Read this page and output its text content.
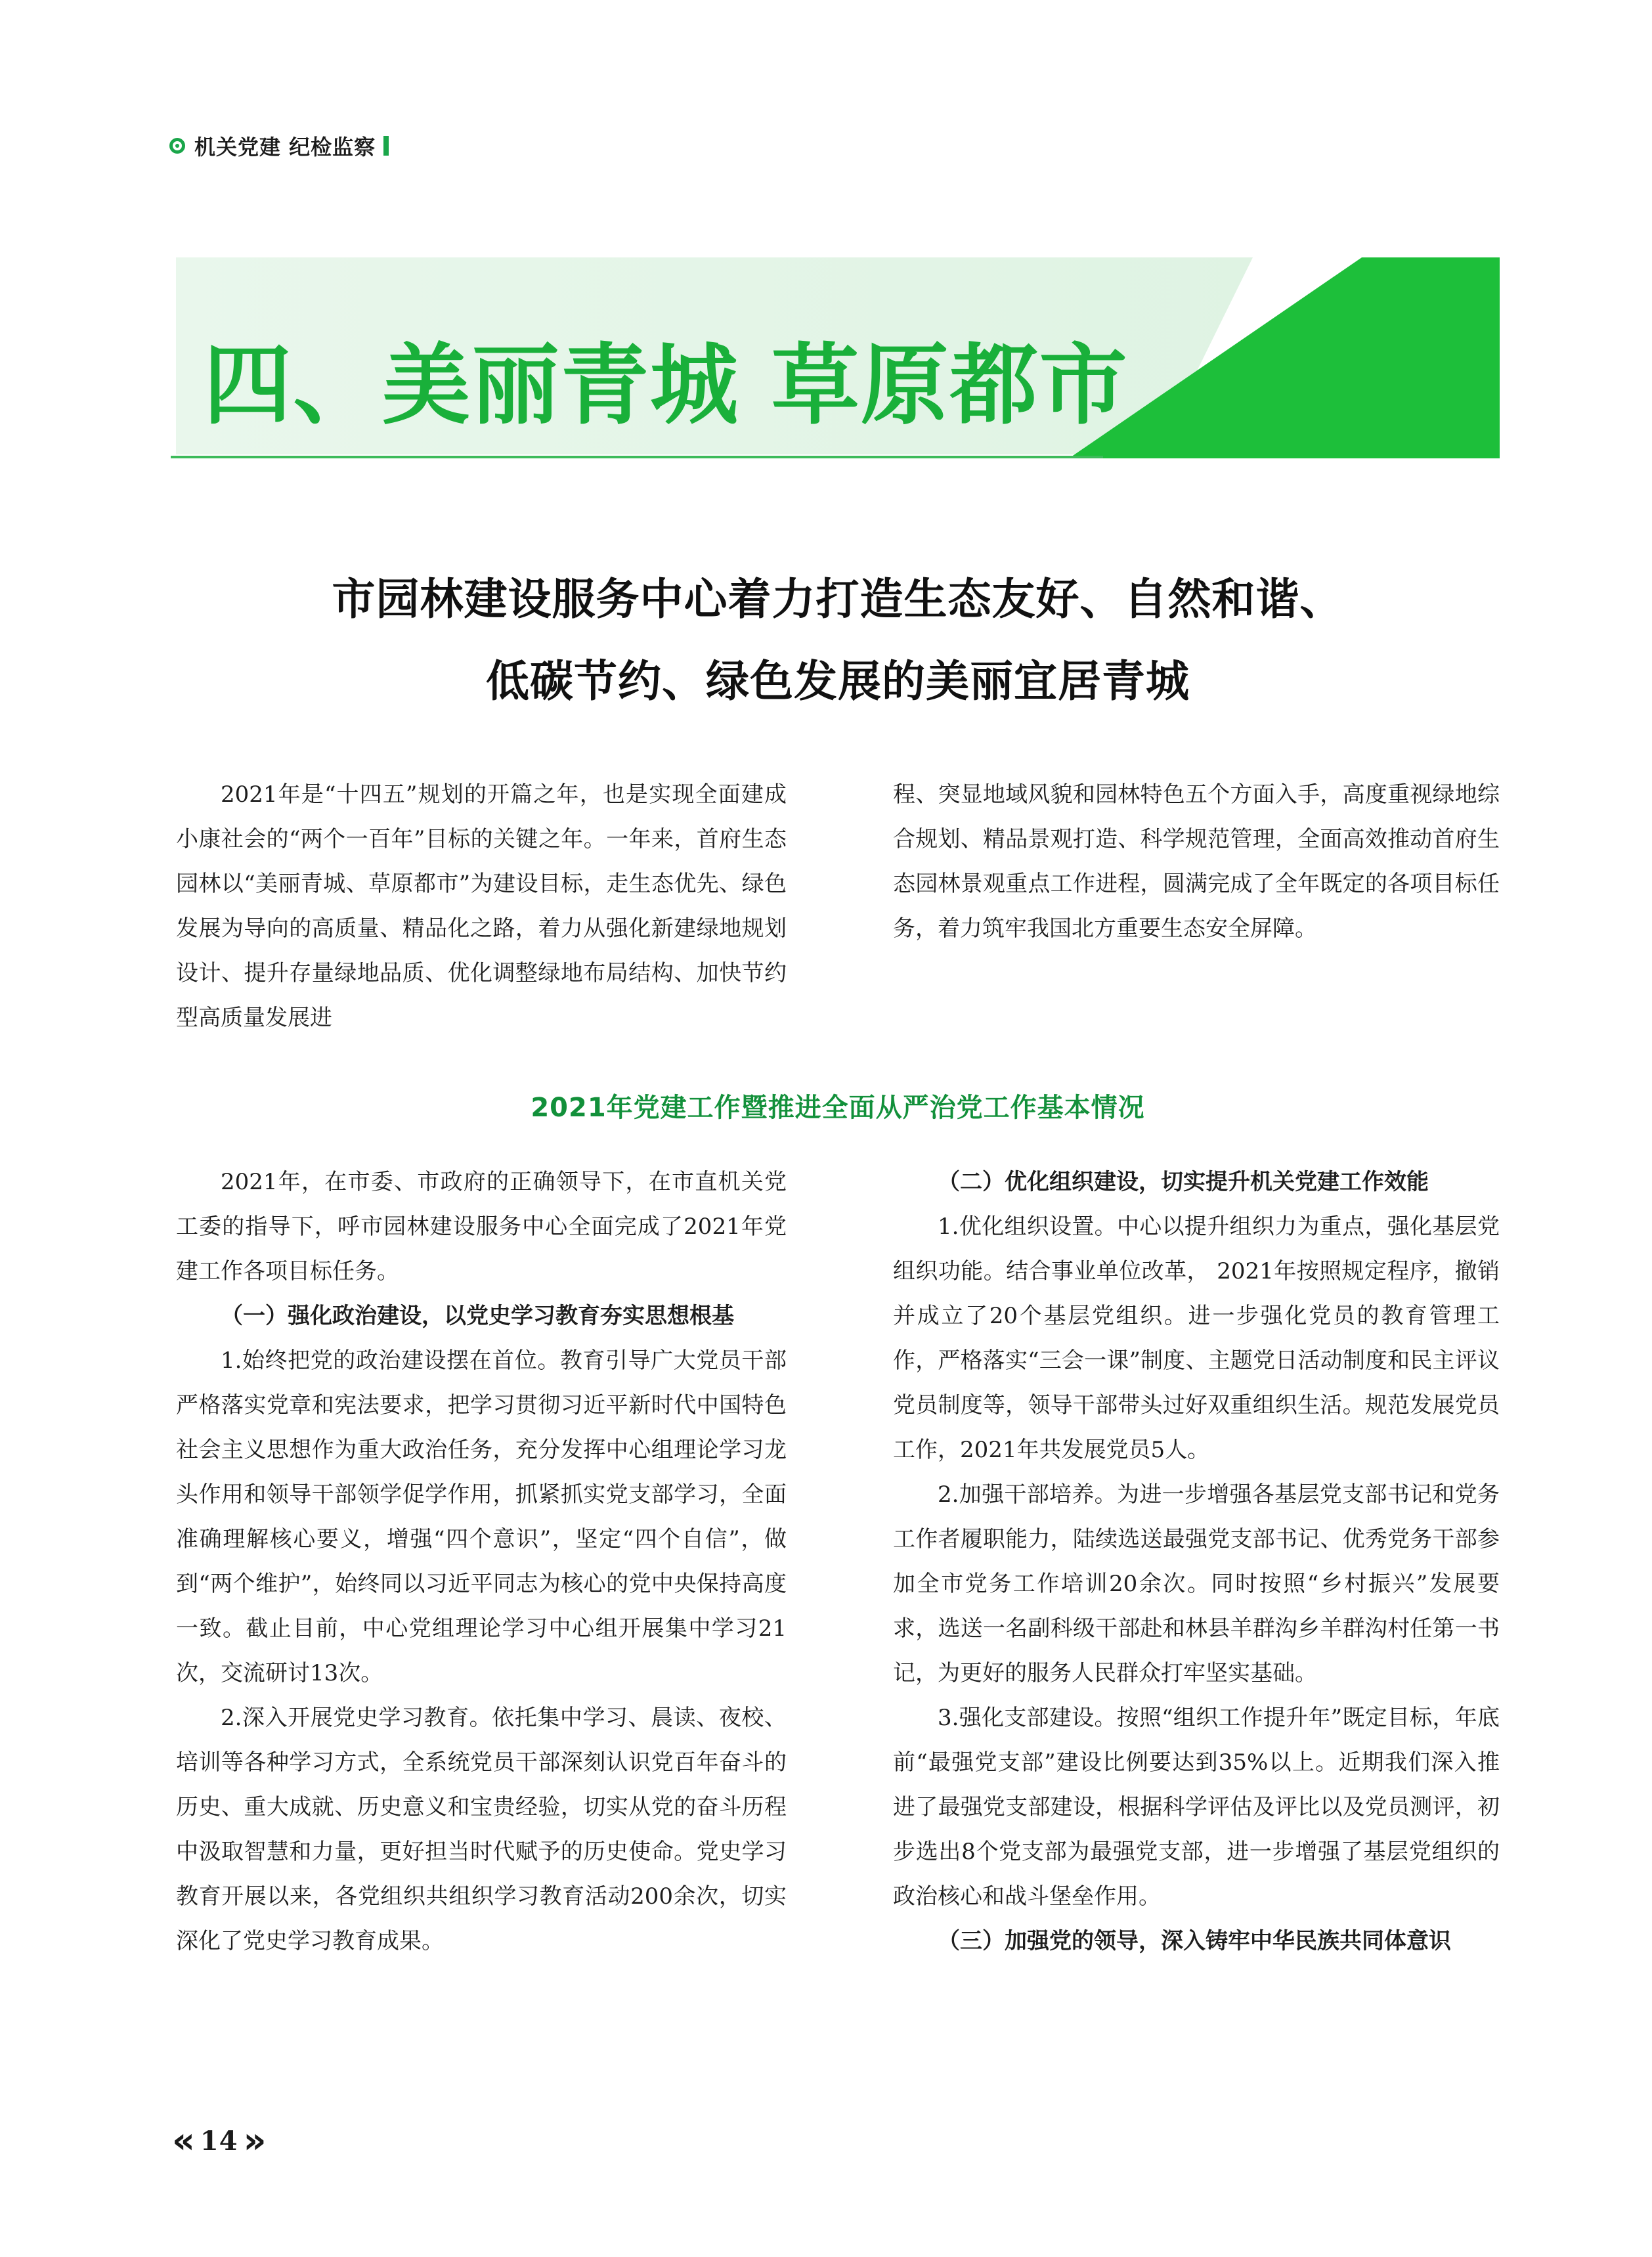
机关党建 纪检监察
四、美丽青城 草原都市
市园林建设服务中心着力打造生态友好、自然和谐、
低碳节约、绿色发展的美丽宜居青城
2021年是“十四五”规划的开篇之年，也是实现全面建成小康社会的“两个一百年”目标的关键之年。一年来，首府生态园林以“美丽青城、草原都市”为建设目标，走生态优先、绿色发展为导向的高质量、精品化之路，着力从强化新建绿地规划设计、提升存量绿地品质、优化调整绿地布局结构、加快节约型高质量发展进
程、突显地域风貌和园林特色五个方面入手，高度重视绿地综合规划、精品景观打造、科学规范管理，全面高效推动首府生态园林景观重点工作进程，圆满完成了全年既定的各项目标任务，着力筑牢我国北方重要生态安全屏障。
2021年党建工作暨推进全面从严治党工作基本情况
2021年，在市委、市政府的正确领导下，在市直机关党工委的指导下，呼市园林建设服务中心全面完成了2021年党建工作各项目标任务。
（一）强化政治建设，以党史学习教育夯实思想根基
1.始终把党的政治建设摆在首位。教育引导广大党员干部严格落实党章和宪法要求，把学习贯彻习近平新时代中国特色社会主义思想作为重大政治任务，充分发挥中心组理论学习龙头作用和领导干部领学促学作用，抓紧抓实党支部学习，全面准确理解核心要义，增强“四个意识”，坚定“四个自信”，做到“两个维护”，始终同以习近平同志为核心的党中央保持高度一致。截止目前，中心党组理论学习中心组开展集中学习21次，交流研讨13次。
2.深入开展党史学习教育。依托集中学习、晨读、夜校、培训等各种学习方式，全系统党员干部深刻认识党百年奋斗的历史、重大成就、历史意义和宝贵经验，切实从党的奋斗历程中汲取智慧和力量，更好担当时代赋予的历史使命。党史学习教育开展以来，各党组织共组织学习教育活动200余次，切实深化了党史学习教育成果。
（二）优化组织建设，切实提升机关党建工作效能
1.优化组织设置。中心以提升组织力为重点，强化基层党组织功能。结合事业单位改革， 2021年按照规定程序，撤销并成立了20个基层党组织。进一步强化党员的教育管理工作，严格落实“三会一课”制度、主题党日活动制度和民主评议党员制度等，领导干部带头过好双重组织生活。规范发展党员工作，2021年共发展党员5人。
2.加强干部培养。为进一步增强各基层党支部书记和党务工作者履职能力，陆续选送最强党支部书记、优秀党务干部参加全市党务工作培训20余次。同时按照“乡村振兴”发展要求，选送一名副科级干部赴和林县羊群沟乡羊群沟村任第一书记，为更好的服务人民群众打牢坚实基础。
3.强化支部建设。按照“组织工作提升年”既定目标，年底前“最强党支部”建设比例要达到35%以上。近期我们深入推进了最强党支部建设，根据科学评估及评比以及党员测评，初步选出8个党支部为最强党支部，进一步增强了基层党组织的政治核心和战斗堡垒作用。
（三）加强党的领导，深入铸牢中华民族共同体意识
« 14 »
